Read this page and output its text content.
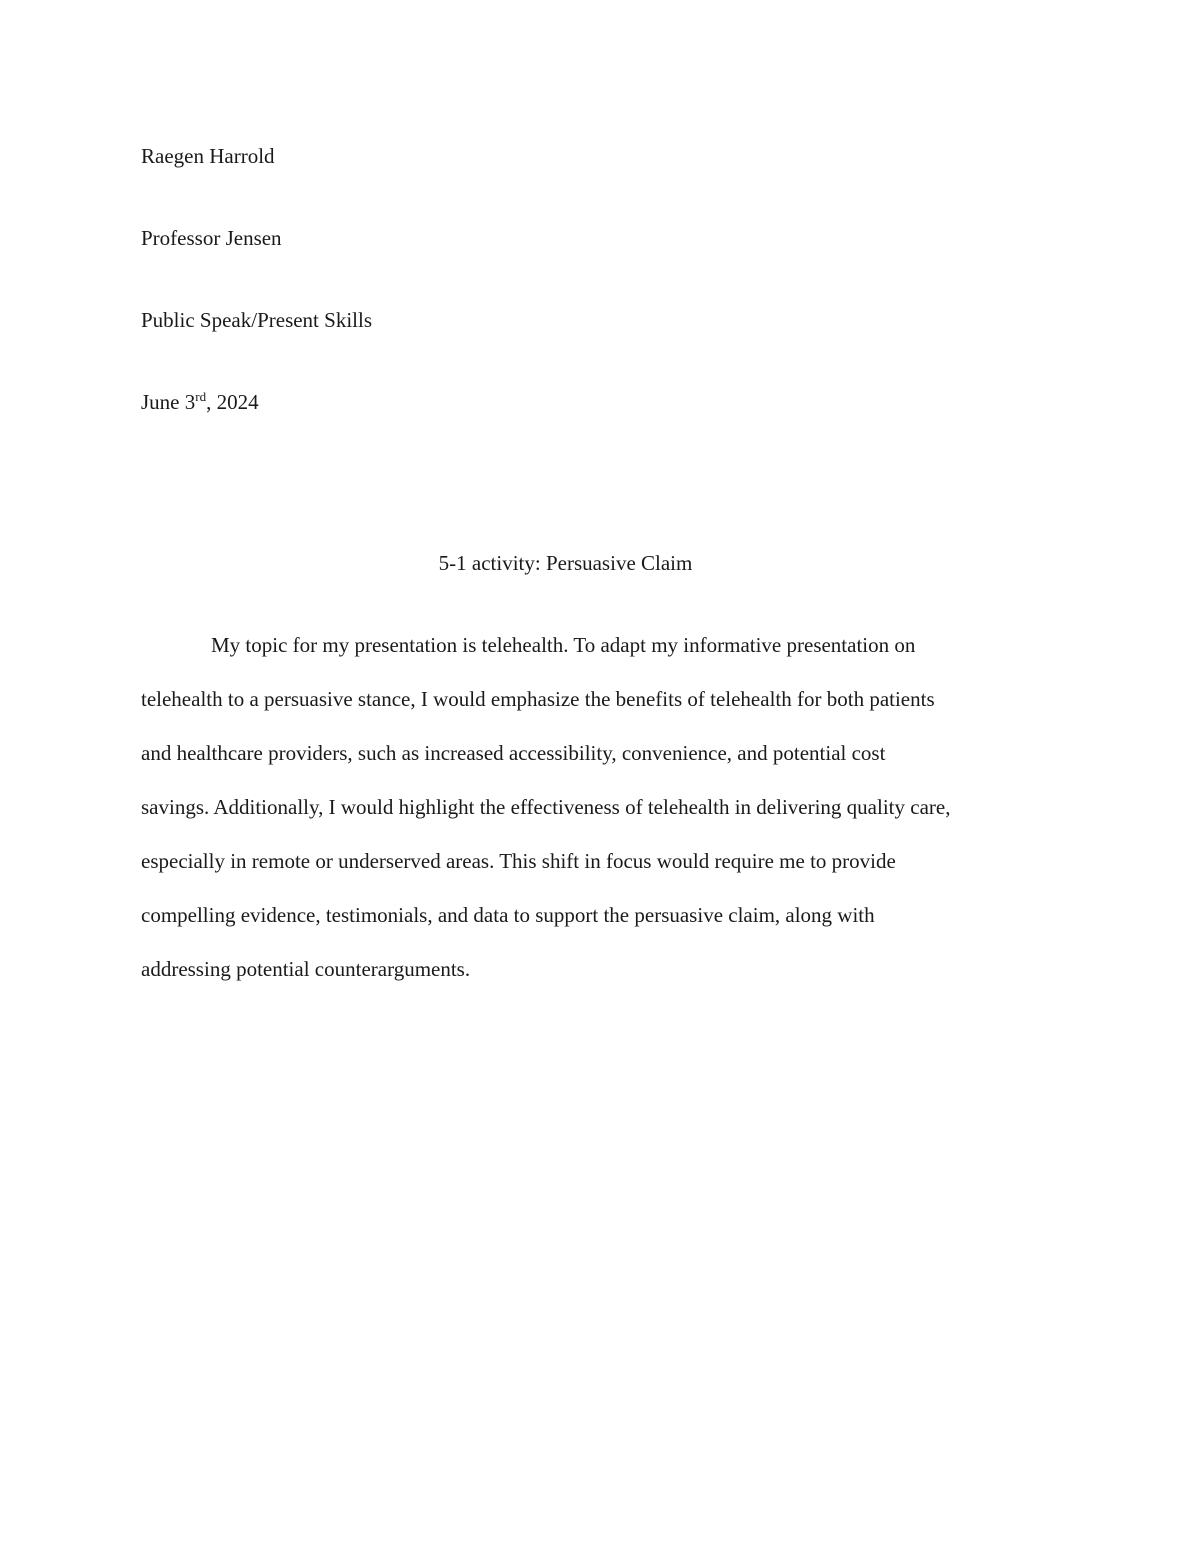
Raegen Harrold
Professor Jensen
Public Speak/Present Skills
June 3rd, 2024
5-1 activity: Persuasive Claim
My topic for my presentation is telehealth. To adapt my informative presentation on
telehealth to a persuasive stance, I would emphasize the benefits of telehealth for both patients
and healthcare providers, such as increased accessibility, convenience, and potential cost
savings. Additionally, I would highlight the effectiveness of telehealth in delivering quality care,
especially in remote or underserved areas. This shift in focus would require me to provide
compelling evidence, testimonials, and data to support the persuasive claim, along with
addressing potential counterarguments.
